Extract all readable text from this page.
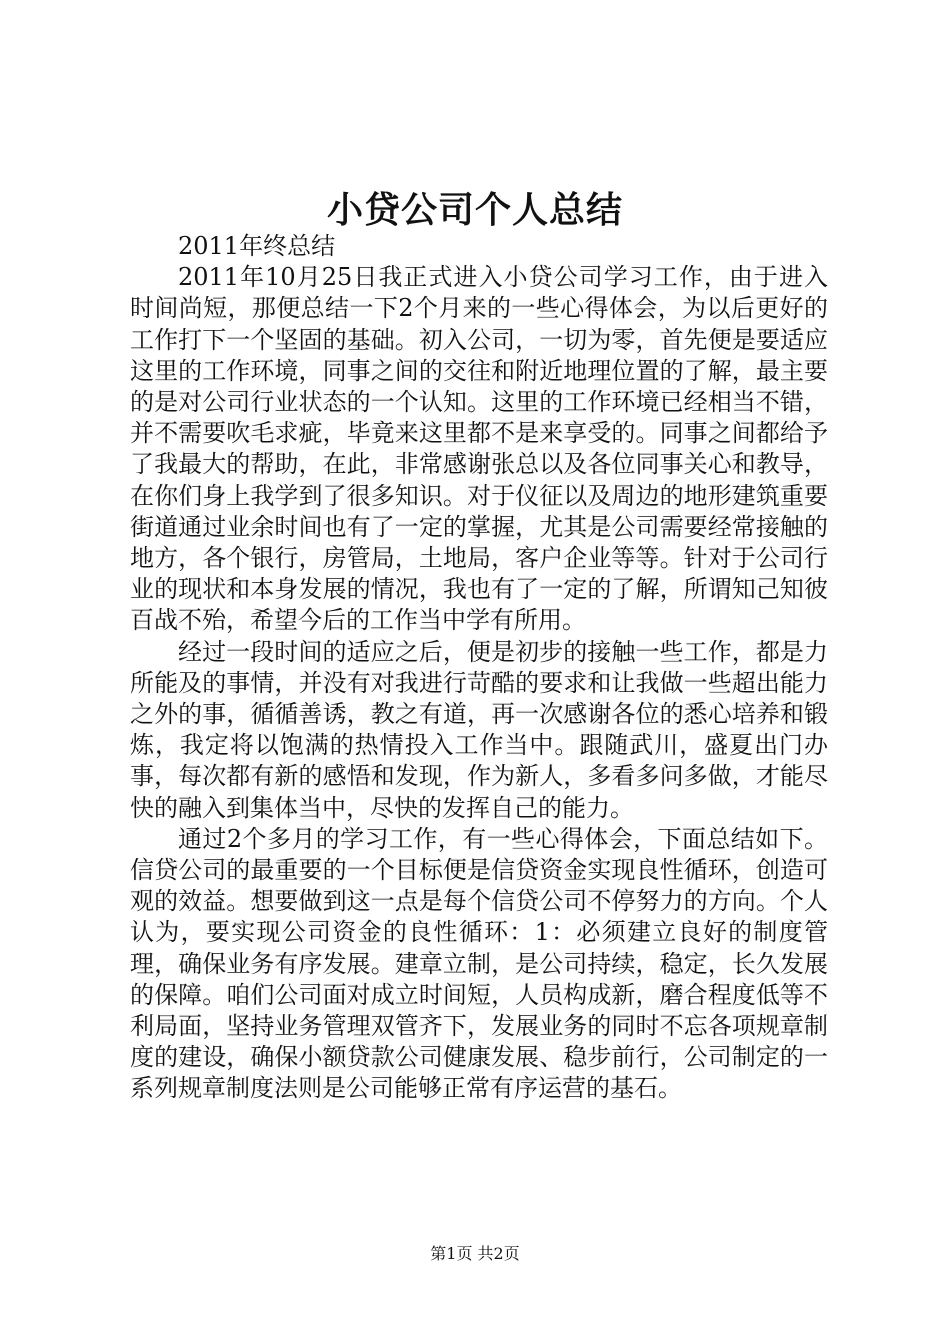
小贷公司个人总结

2011年终总结

2011年10月25日我正式进入小贷公司学习工作，由于进入时间尚短，那便总结一下2个月来的一些心得体会，为以后更好的工作打下一个坚固的基础。初入公司，一切为零，首先便是要适应这里的工作环境，同事之间的交往和附近地理位置的了解，最主要的是对公司行业状态的一个认知。这里的工作环境已经相当不错，并不需要吹毛求疵，毕竟来这里都不是来享受的。同事之间都给予了我最大的帮助，在此，非常感谢张总以及各位同事关心和教导，在你们身上我学到了很多知识。对于仪征以及周边的地形建筑重要街道通过业余时间也有了一定的掌握，尤其是公司需要经常接触的地方，各个银行，房管局，土地局，客户企业等等。针对于公司行业的现状和本身发展的情况，我也有了一定的了解，所谓知己知彼百战不殆，希望今后的工作当中学有所用。

经过一段时间的适应之后，便是初步的接触一些工作，都是力所能及的事情，并没有对我进行苛酷的要求和让我做一些超出能力之外的事，循循善诱，教之有道，再一次感谢各位的悉心培养和锻炼，我定将以饱满的热情投入工作当中。跟随武川，盛夏出门办事，每次都有新的感悟和发现，作为新人，多看多问多做，才能尽快的融入到集体当中，尽快的发挥自己的能力。

通过2个多月的学习工作，有一些心得体会，下面总结如下。信贷公司的最重要的一个目标便是信贷资金实现良性循环，创造可观的效益。想要做到这一点是每个信贷公司不停努力的方向。个人认为，要实现公司资金的良性循环：1：必须建立良好的制度管理，确保业务有序发展。建章立制，是公司持续，稳定，长久发展的保障。咱们公司面对成立时间短，人员构成新，磨合程度低等不利局面，坚持业务管理双管齐下，发展业务的同时不忘各项规章制度的建设，确保小额贷款公司健康发展、稳步前行，公司制定的一系列规章制度法则是公司能够正常有序运营的基石。

第1页 共2页
